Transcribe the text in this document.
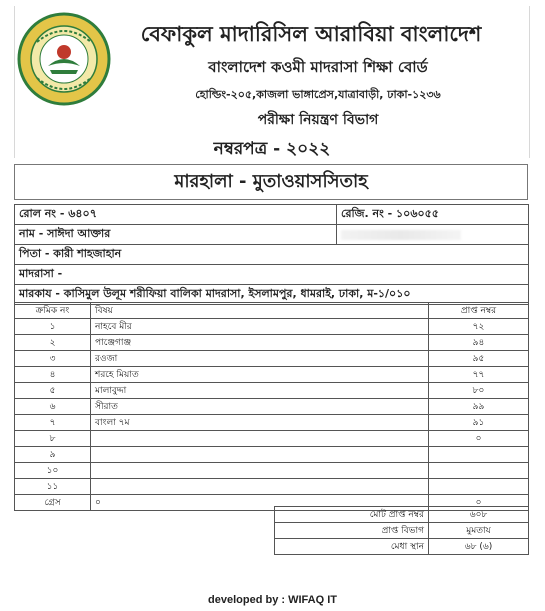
বেফাকুল মাদারিসিল আরাবিয়া বাংলাদেশ
বাংলাদেশ কওমী মাদরাসা শিক্ষা বোর্ড
হোল্ডিং-২০৫,কাজলা ভাঙ্গাপ্রেস,যাত্রাবাড়ী, ঢাকা-১২৩৬
পরীক্ষা নিয়ন্ত্রণ বিভাগ
নম্বরপত্র - ২০২২
মারহালা - মুতাওয়াসসিতাহ
রোল নং - ৬৪০৭	রেজি. নং - ১০৬০৫৫
নাম - সাঈদা আক্তার	
পিতা - কারী শাহজাহান	
মাদরাসা -	
মারকায - কাসিমুল উলূম শরীফিয়া বালিকা মাদরাসা, ইসলামপুর, ধামরাই, ঢাকা, ম-১/০১০	
ক্রমিক নং	বিষয়	প্রাপ্ত নম্বর
১	নাহবে মীর	৭২
২	পাঞ্জেগাঞ্জ	৯৪
৩	রওজা	৯৫
৪	শরহে মিয়াত	৭৭
৫	মালাবুদ্দা	৮০
৬	সীরাত	৯৯
৭	বাংলা ৭ম	৯১
৮		০
৯		
১০		
১১		
গ্রেস	০	০
মোট প্রাপ্ত নম্বর	৬০৮
প্রাপ্ত বিভাগ	মুমতায
মেধা স্থান	৬৮ (৬)
developed by : WIFAQ IT
